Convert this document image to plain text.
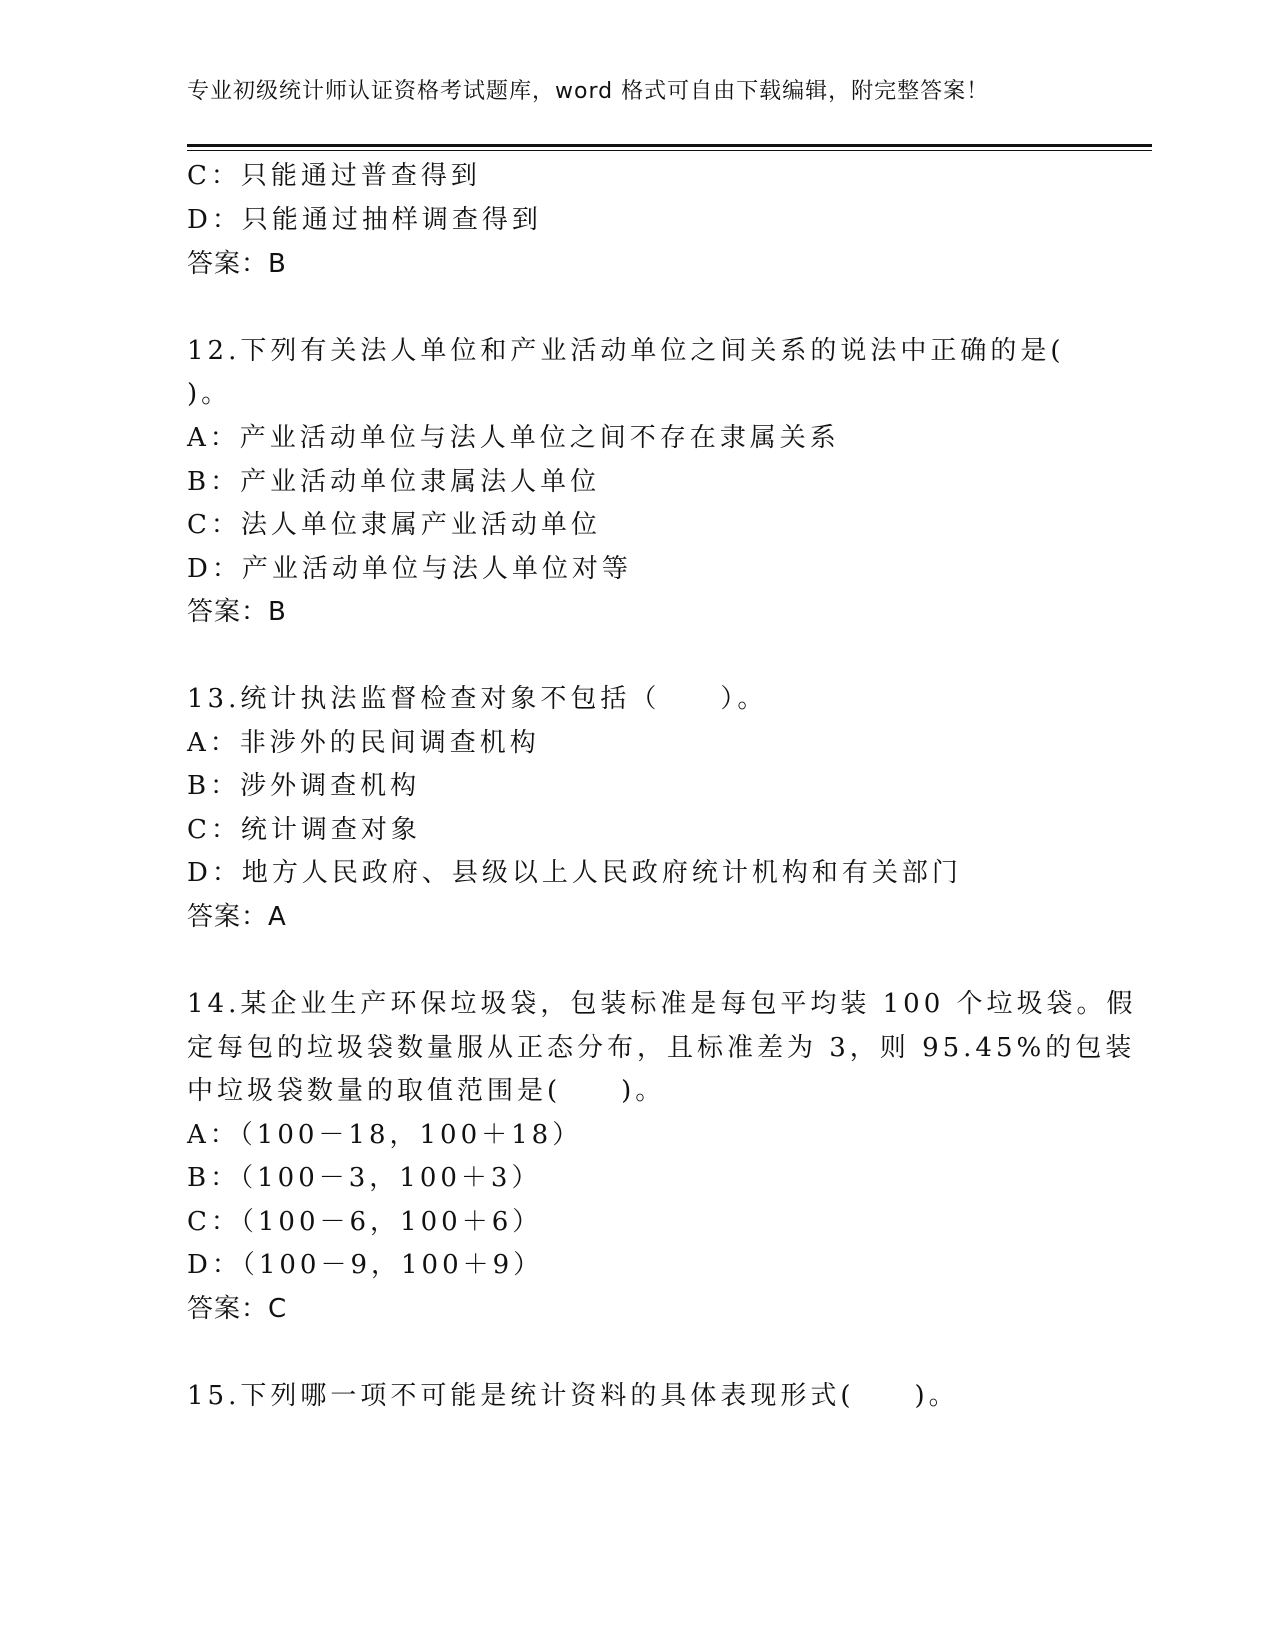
专业初级统计师认证资格考试题库，word 格式可自由下载编辑，附完整答案！
C：只能通过普查得到
D：只能通过抽样调查得到
答案：B
12.下列有关法人单位和产业活动单位之间关系的说法中正确的是(
)。
A：产业活动单位与法人单位之间不存在隶属关系
B：产业活动单位隶属法人单位
C：法人单位隶属产业活动单位
D：产业活动单位与法人单位对等
答案：B
13.统计执法监督检查对象不包括（　　）。
A：非涉外的民间调查机构
B：涉外调查机构
C：统计调查对象
D：地方人民政府、县级以上人民政府统计机构和有关部门
答案：A
14.某企业生产环保垃圾袋，包装标准是每包平均装 100 个垃圾袋。假
定每包的垃圾袋数量服从正态分布，且标准差为 3，则 95.45%的包装
中垃圾袋数量的取值范围是(　　)。
A：（100－18，100＋18）
B：（100－3，100＋3）
C：（100－6，100＋6）
D：（100－9，100＋9）
答案：C
15.下列哪一项不可能是统计资料的具体表现形式(　　)。
